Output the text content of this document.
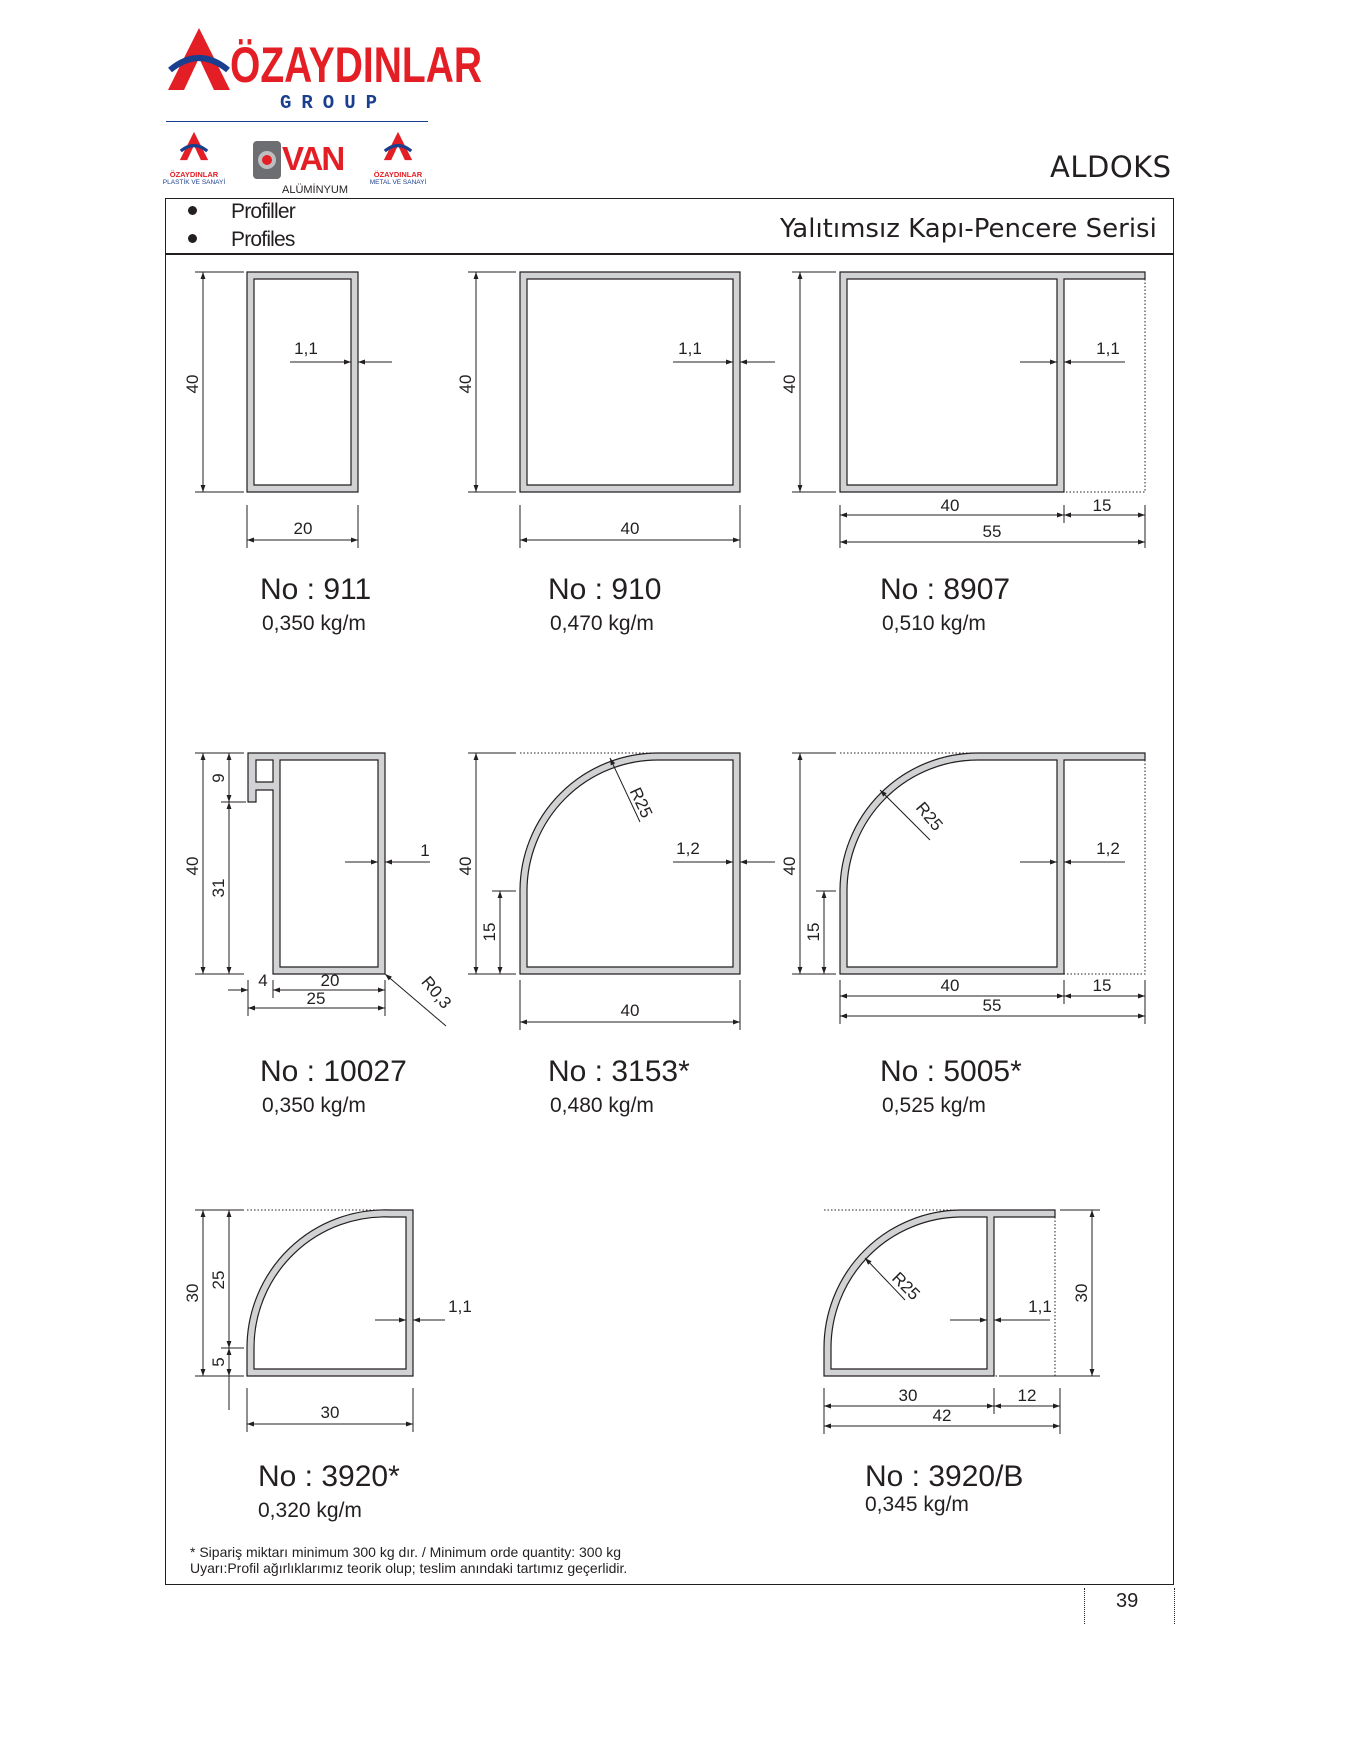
ÖZAYDINLAR
GROUP
ÖZAYDINLAR
PLASTİK VE SANAYİ
VAN
ALÜMİNYUM
ÖZAYDINLAR
METAL VE SANAYİ	ALDOKS
Profiller
Profiles	Yalıtımsız Kapı-Pencere Serisi
40
20
1,1
40
40
1,1
40
40	15
55
1,1
40
9
31
4	20
25
1
R0,3
40
15
40
R25
1,2
40
15
40	15
55
R25
1,2
30
25
5
30
1,1
30
30	12
42
R25
1,1
No : 911
0,350 kg/m
No : 910
0,470 kg/m
No : 8907
0,510 kg/m
No : 10027
0,350 kg/m
No : 3153*
0,480 kg/m
No : 5005*
0,525 kg/m
No : 3920*
0,320 kg/m
No : 3920/B
0,345 kg/m
* Sipariş miktarı minimum 300 kg dır. / Minimum orde quantity: 300 kg
Uyarı:Profil ağırlıklarımız teorik olup; teslim anındaki tartımız geçerlidir.
39
